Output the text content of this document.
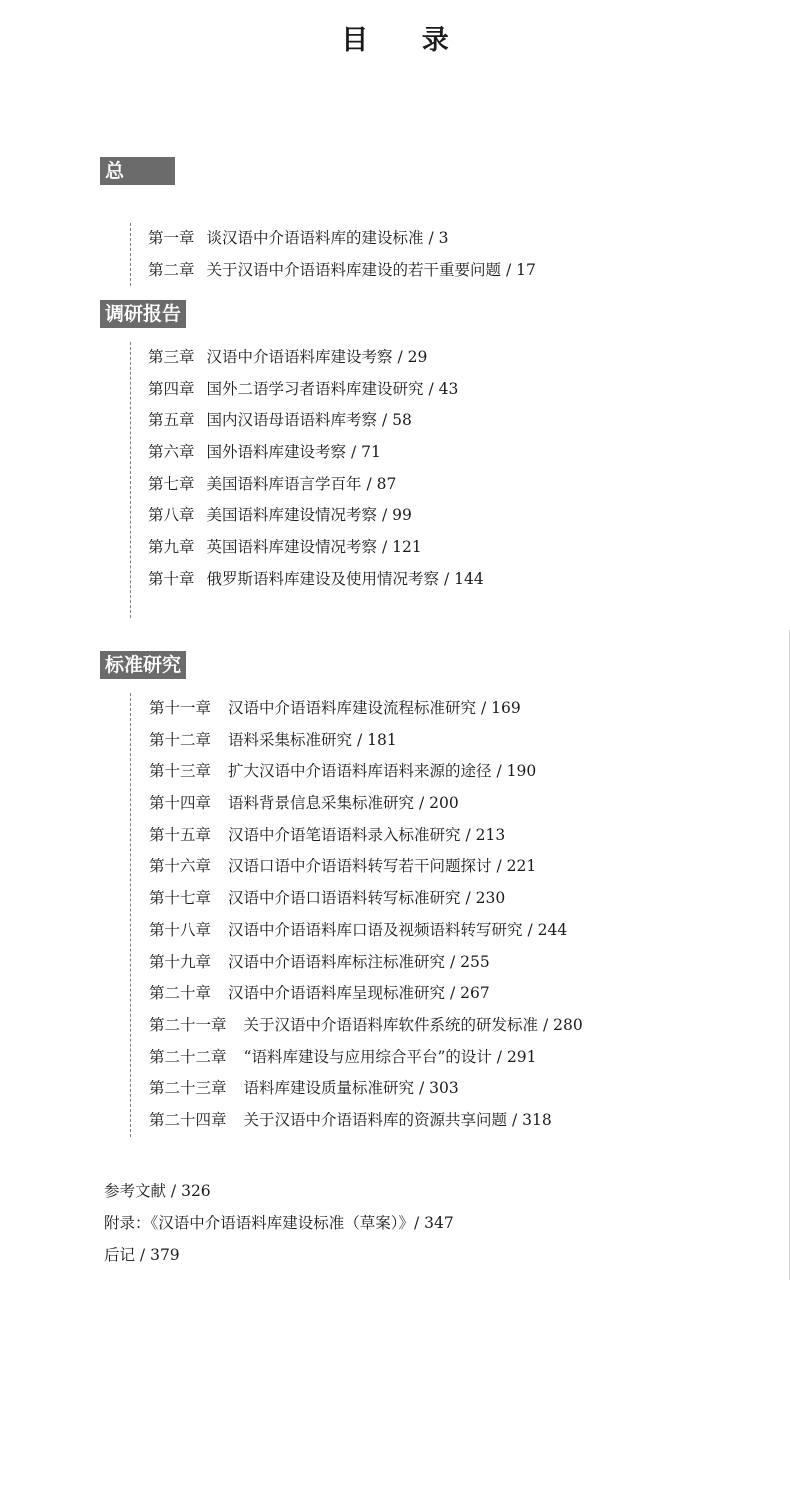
目 录
总 论
第一章 谈汉语中介语语料库的建设标准 / 3
第二章 关于汉语中介语语料库建设的若干重要问题 / 17
调研报告
第三章 汉语中介语语料库建设考察 / 29
第四章 国外二语学习者语料库建设研究 / 43
第五章 国内汉语母语语料库考察 / 58
第六章 国外语料库建设考察 / 71
第七章 美国语料库语言学百年 / 87
第八章 美国语料库建设情况考察 / 99
第九章 英国语料库建设情况考察 / 121
第十章 俄罗斯语料库建设及使用情况考察 / 144
标准研究
第十一章 汉语中介语语料库建设流程标准研究 / 169
第十二章 语料采集标准研究 / 181
第十三章 扩大汉语中介语语料库语料来源的途径 / 190
第十四章 语料背景信息采集标准研究 / 200
第十五章 汉语中介语笔语语料录入标准研究 / 213
第十六章 汉语口语中介语语料转写若干问题探讨 / 221
第十七章 汉语中介语口语语料转写标准研究 / 230
第十八章 汉语中介语语料库口语及视频语料转写研究 / 244
第十九章 汉语中介语语料库标注标准研究 / 255
第二十章 汉语中介语语料库呈现标准研究 / 267
第二十一章 关于汉语中介语语料库软件系统的研发标准 / 280
第二十二章 “语料库建设与应用综合平台”的设计 / 291
第二十三章 语料库建设质量标准研究 / 303
第二十四章 关于汉语中介语语料库的资源共享问题 / 318
参考文献 / 326
附录：《汉语中介语语料库建设标准（草案）》/ 347
后记 / 379
